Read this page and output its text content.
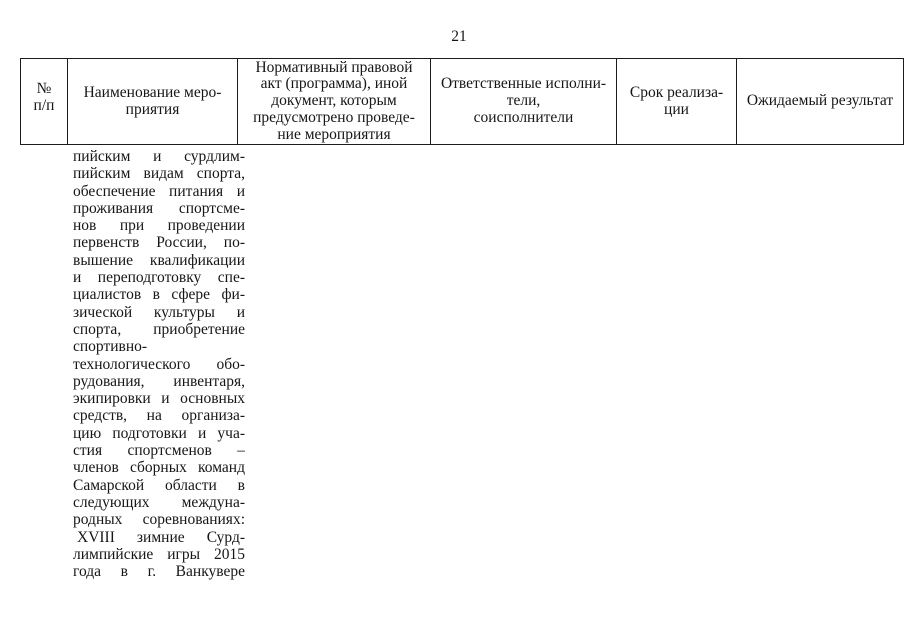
21
№
п/п
Наименование меро-
приятия
Нормативный правовой
акт (программа), иной
документ, которым
предусмотрено проведе-
ние мероприятия
Ответственные исполни-
тели,
соисполнители
Срок реализа-
ции	Ожидаемый результат
пийским и сурдлим-
пийским видам спорта,
обеспечение питания и
проживания спортсме-
нов при проведении
первенств России, по-
вышение квалификации
и переподготовку спе-
циалистов в сфере фи-
зической культуры и
спорта, приобретение
спортивно-
технологического обо-
рудования, инвентаря,
экипировки и основных
средств, на организа-
цию подготовки и уча-
стия спортсменов –
членов сборных команд
Самарской области в
следующих междуна-
родных соревнованиях:
XVIII зимние Сурд-
лимпийские игры 2015
года в г. Ванкувере
